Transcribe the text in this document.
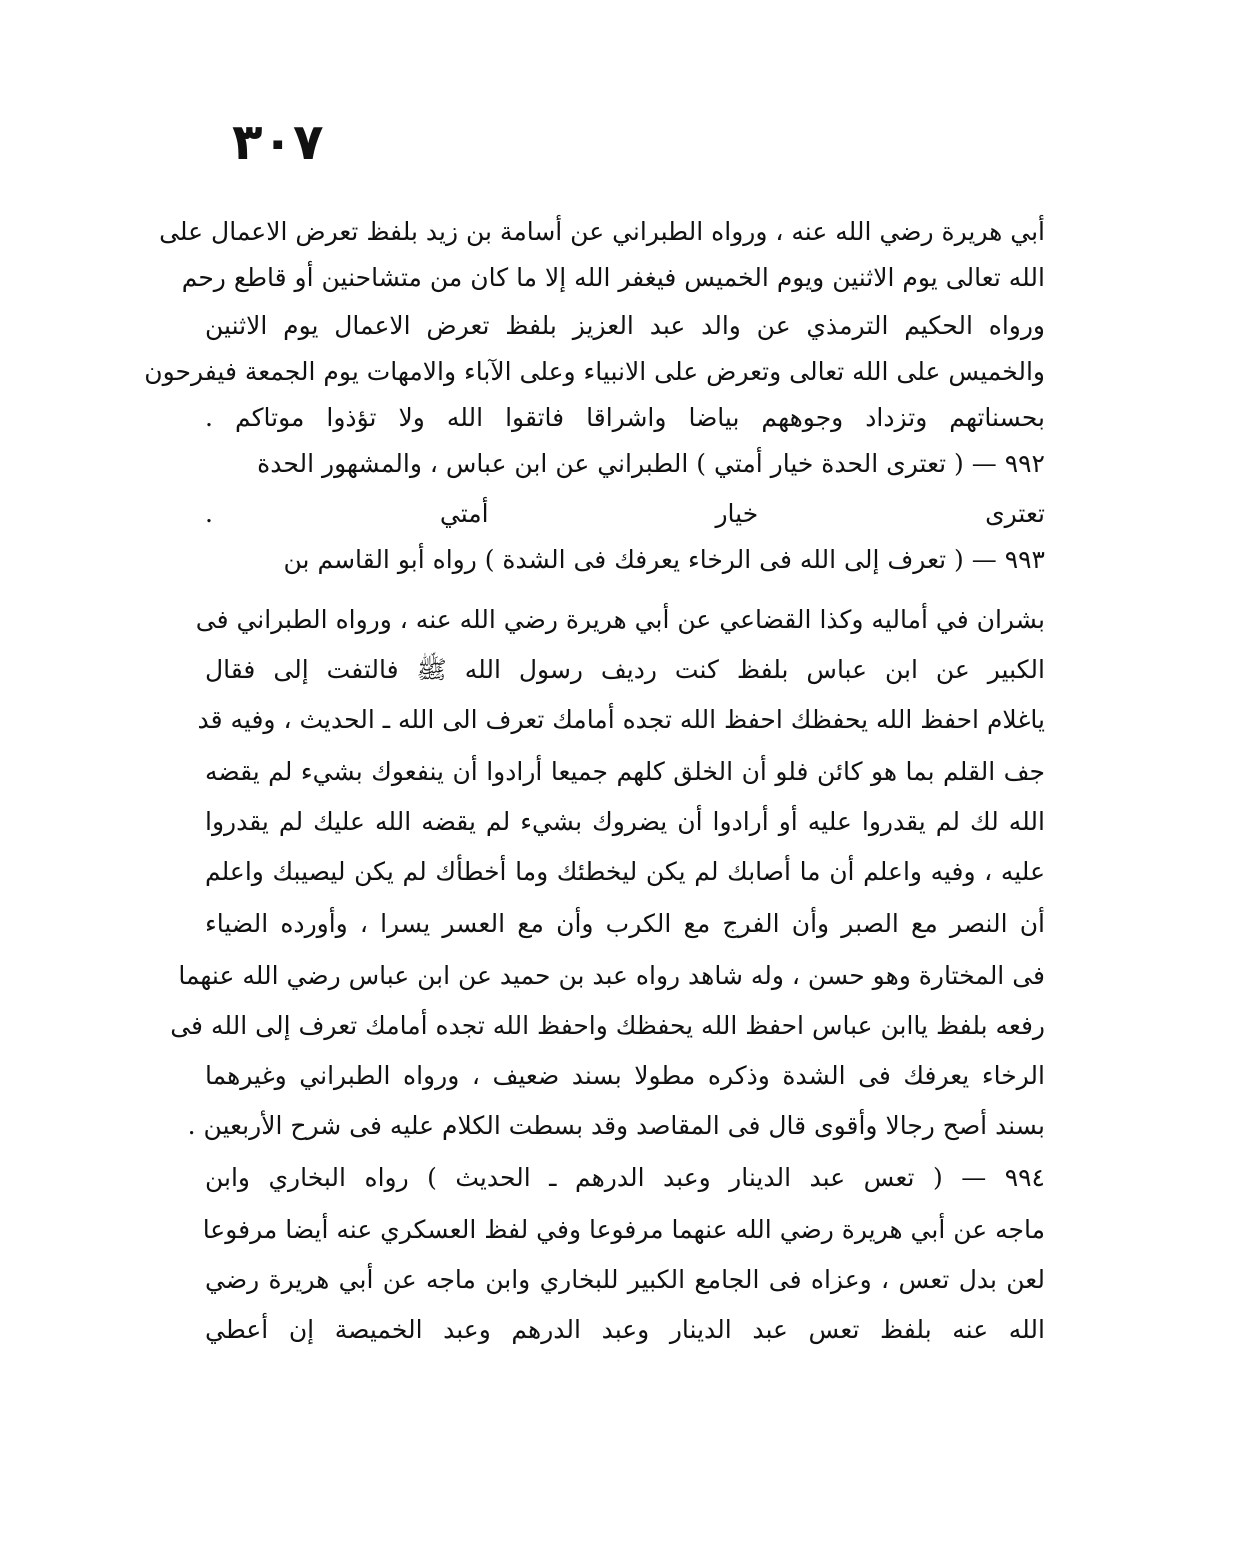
٣٠٧
أبي هريرة رضي الله عنه ، ورواه الطبراني عن أسامة بن زيد بلفظ تعرض الاعمال على
الله تعالى يوم الاثنين ويوم الخميس فيغفر الله إلا ما كان من متشاحنين أو قاطع رحم
ورواه الحكيم الترمذي عن والد عبد العزيز بلفظ تعرض الاعمال يوم الاثنين
والخميس على الله تعالى وتعرض على الانبياء وعلى الآباء والامهات يوم الجمعة فيفرحون
بحسناتهم وتزداد وجوههم بياضا واشراقا فاتقوا الله ولا تؤذوا موتاكم .
٩٩٢ — ( تعترى الحدة خيار أمتي ) الطبراني عن ابن عباس ، والمشهور الحدة
تعترى خيار أمتي .
٩٩٣ — ( تعرف إلى الله فى الرخاء يعرفك فى الشدة ) رواه أبو القاسم بن
بشران في أماليه وكذا القضاعي عن أبي هريرة رضي الله عنه ، ورواه الطبراني فى
الكبير عن ابن عباس بلفظ كنت رديف رسول الله ﷺ فالتفت إلى فقال
ياغلام احفظ الله يحفظك احفظ الله تجده أمامك تعرف الى الله ـ الحديث ، وفيه قد
جف القلم بما هو كائن فلو أن الخلق كلهم جميعا أرادوا أن ينفعوك بشيء لم يقضه
الله لك لم يقدروا عليه أو أرادوا أن يضروك بشيء لم يقضه الله عليك لم يقدروا
عليه ، وفيه واعلم أن ما أصابك لم يكن ليخطئك وما أخطأك لم يكن ليصيبك واعلم
أن النصر مع الصبر وأن الفرج مع الكرب وأن مع العسر يسرا ، وأورده الضياء
فى المختارة وهو حسن ، وله شاهد رواه عبد بن حميد عن ابن عباس رضي الله عنهما
رفعه بلفظ ياابن عباس احفظ الله يحفظك واحفظ الله تجده أمامك تعرف إلى الله فى
الرخاء يعرفك فى الشدة وذكره مطولا بسند ضعيف ، ورواه الطبراني وغيرهما
بسند أصح رجالا وأقوى قال فى المقاصد وقد بسطت الكلام عليه فى شرح الأربعين .
٩٩٤ — ( تعس عبد الدينار وعبد الدرهم ـ الحديث ) رواه البخاري وابن
ماجه عن أبي هريرة رضي الله عنهما مرفوعا وفي لفظ العسكري عنه أيضا مرفوعا
لعن بدل تعس ، وعزاه فى الجامع الكبير للبخاري وابن ماجه عن أبي هريرة رضي
الله عنه بلفظ تعس عبد الدينار وعبد الدرهم وعبد الخميصة إن أعطي
